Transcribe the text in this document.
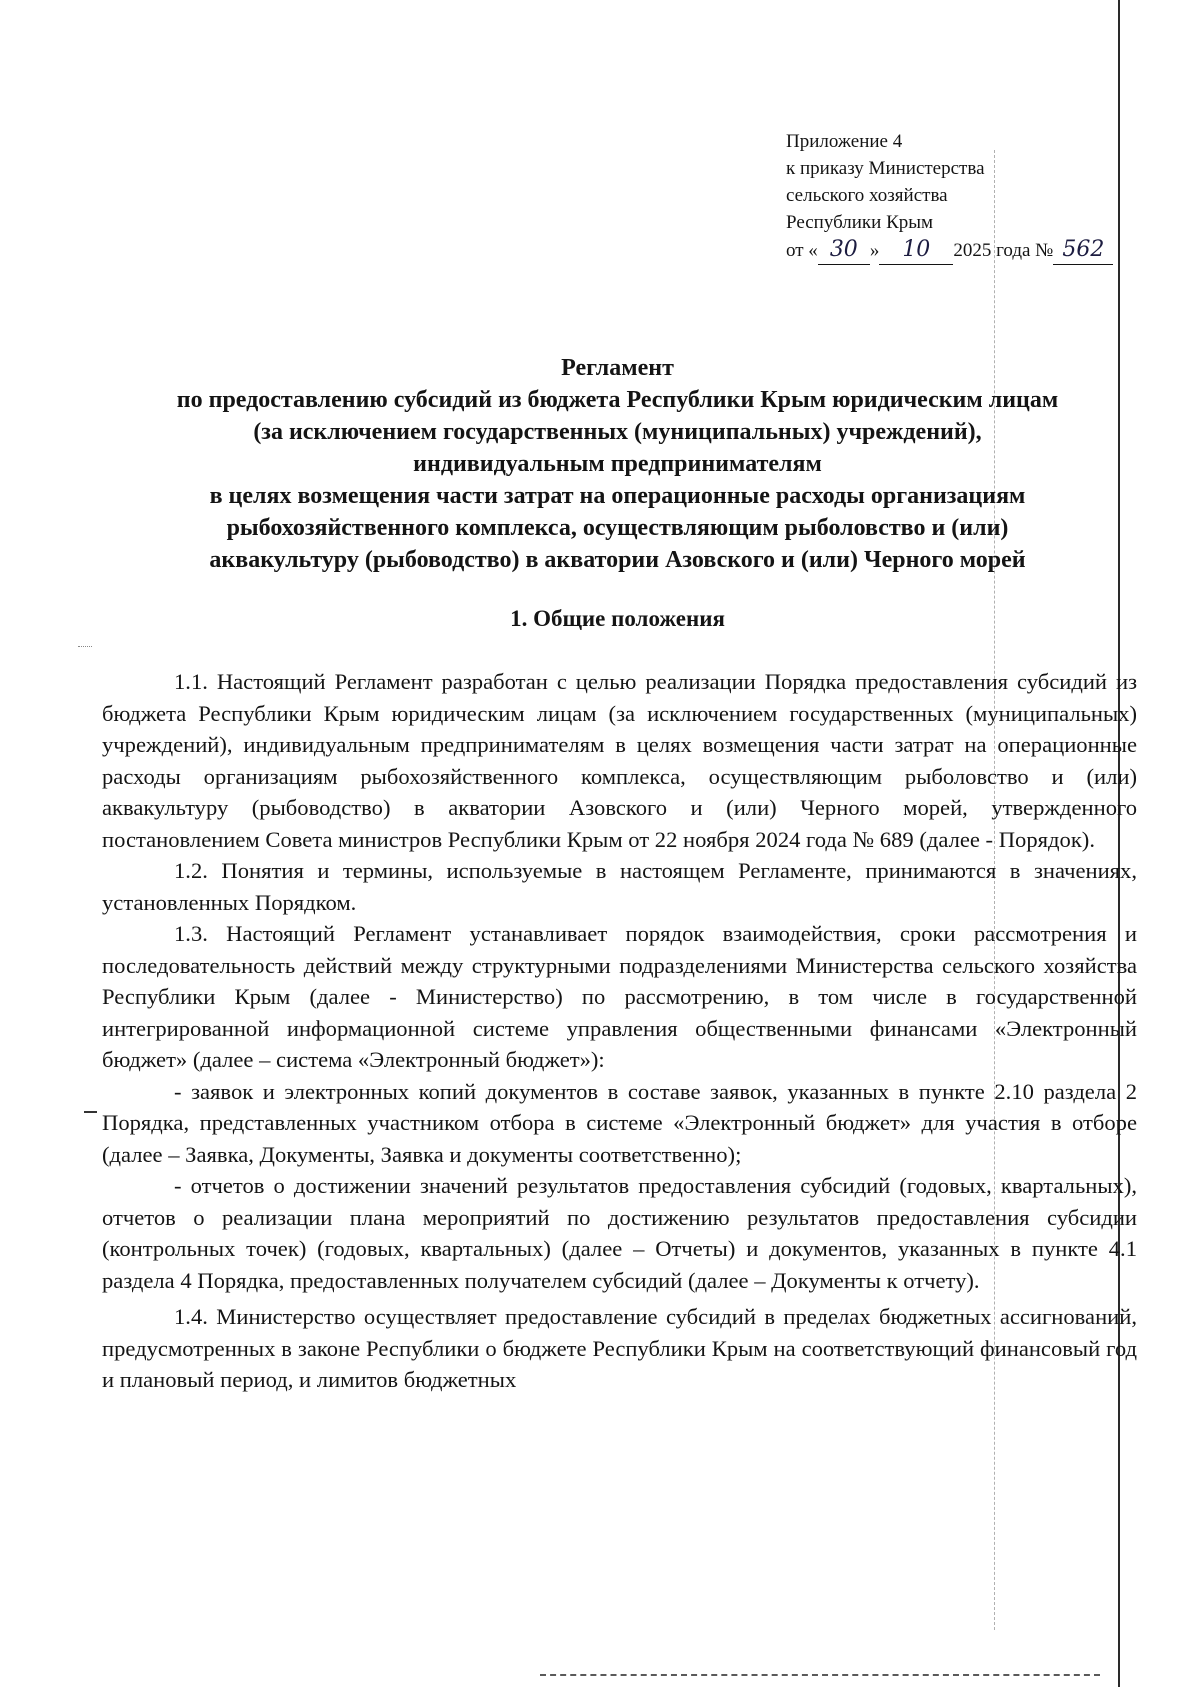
Приложение 4
к приказу Министерства
сельского хозяйства
Республики Крым
от « 30 » 10 2025 года № 562
Регламент
по предоставлению субсидий из бюджета Республики Крым юридическим лицам
(за исключением государственных (муниципальных) учреждений),
индивидуальным предпринимателям
в целях возмещения части затрат на операционные расходы организациям
рыбохозяйственного комплекса, осуществляющим рыболовство и (или)
аквакультуру (рыбоводство) в акватории Азовского и (или) Черного морей
1. Общие положения

1.1. Настоящий Регламент разработан с целью реализации Порядка предоставления субсидий из бюджета Республики Крым юридическим лицам (за исключением государственных (муниципальных) учреждений), индивидуальным предпринимателям в целях возмещения части затрат на операционные расходы организациям рыбохозяйственного комплекса, осуществляющим рыболовство и (или) аквакультуру (рыбоводство) в акватории Азовского и (или) Черного морей, утвержденного постановлением Совета министров Республики Крым от 22 ноября 2024 года № 689 (далее - Порядок).

1.2. Понятия и термины, используемые в настоящем Регламенте, принимаются в значениях, установленных Порядком.

1.3. Настоящий Регламент устанавливает порядок взаимодействия, сроки рассмотрения и последовательность действий между структурными подразделениями Министерства сельского хозяйства Республики Крым (далее - Министерство) по рассмотрению, в том числе в государственной интегрированной информационной системе управления общественными финансами «Электронный бюджет» (далее – система «Электронный бюджет»):

- заявок и электронных копий документов в составе заявок, указанных в пункте 2.10 раздела 2 Порядка, представленных участником отбора в системе «Электронный бюджет» для участия в отборе (далее – Заявка, Документы, Заявка и документы соответственно);

- отчетов о достижении значений результатов предоставления субсидий (годовых, квартальных), отчетов о реализации плана мероприятий по достижению результатов предоставления субсидии (контрольных точек) (годовых, квартальных) (далее – Отчеты) и документов, указанных в пункте 4.1 раздела 4 Порядка, предоставленных получателем субсидий (далее – Документы к отчету).

1.4. Министерство осуществляет предоставление субсидий в пределах бюджетных ассигнований, предусмотренных в законе Республики о бюджете Республики Крым на соответствующий финансовый год и плановый период, и лимитов бюджетных
